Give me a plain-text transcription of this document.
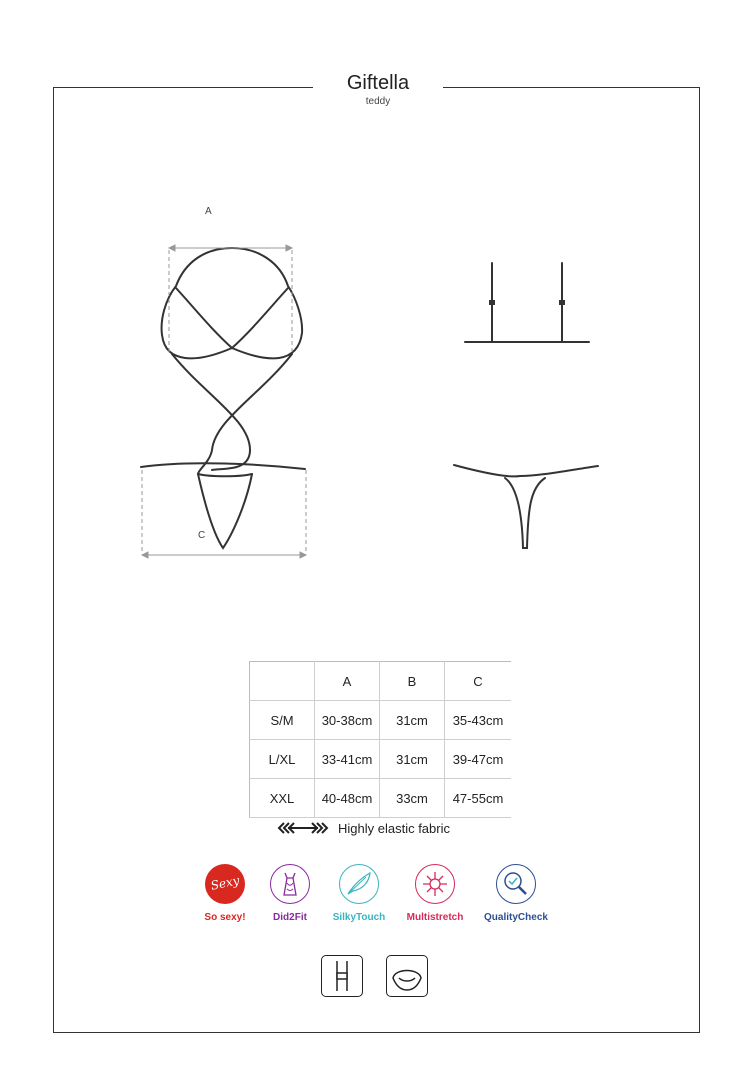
Giftella
teddy
A
C
	A	B	C
S/M	30-38cm	31cm	35-43cm
L/XL	33-41cm	31cm	39-47cm
XXL	40-48cm	33cm	47-55cm
Highly elastic fabric
Sexy
So sexy!	Did2Fit	SilkyTouch	Multistretch	QualityCheck
